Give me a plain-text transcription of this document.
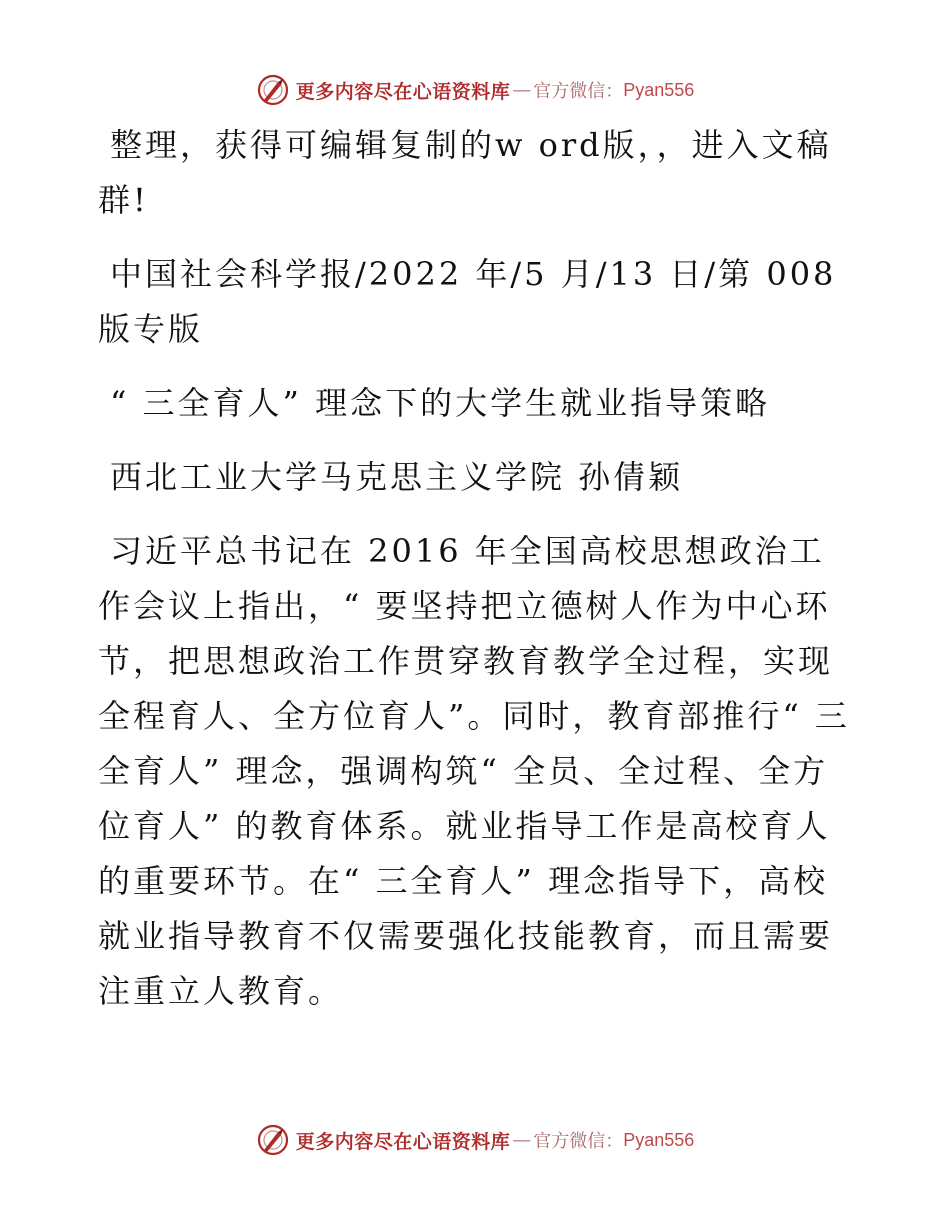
更多内容尽在心语资料库 — 官方微信： Pyan556

整理，获得可编辑复制的w ord版，，进入文稿群!

中国社会科学报/2022 年/5 月/13 日/第 008 版专版

“ 三全育人” 理念下的大学生就业指导策略

西北工业大学马克思主义学院 孙倩颖

习近平总书记在 2016 年全国高校思想政治工作会议上指出，“ 要坚持把立德树人作为中心环节，把思想政治工作贯穿教育教学全过程，实现全程育人、全方位育人”。同时，教育部推行“ 三全育人” 理念，强调构筑“ 全员、全过程、全方位育人” 的教育体系。就业指导工作是高校育人的重要环节。在“ 三全育人” 理念指导下，高校就业指导教育不仅需要强化技能教育，而且需要注重立人教育。

更多内容尽在心语资料库 — 官方微信： Pyan556
